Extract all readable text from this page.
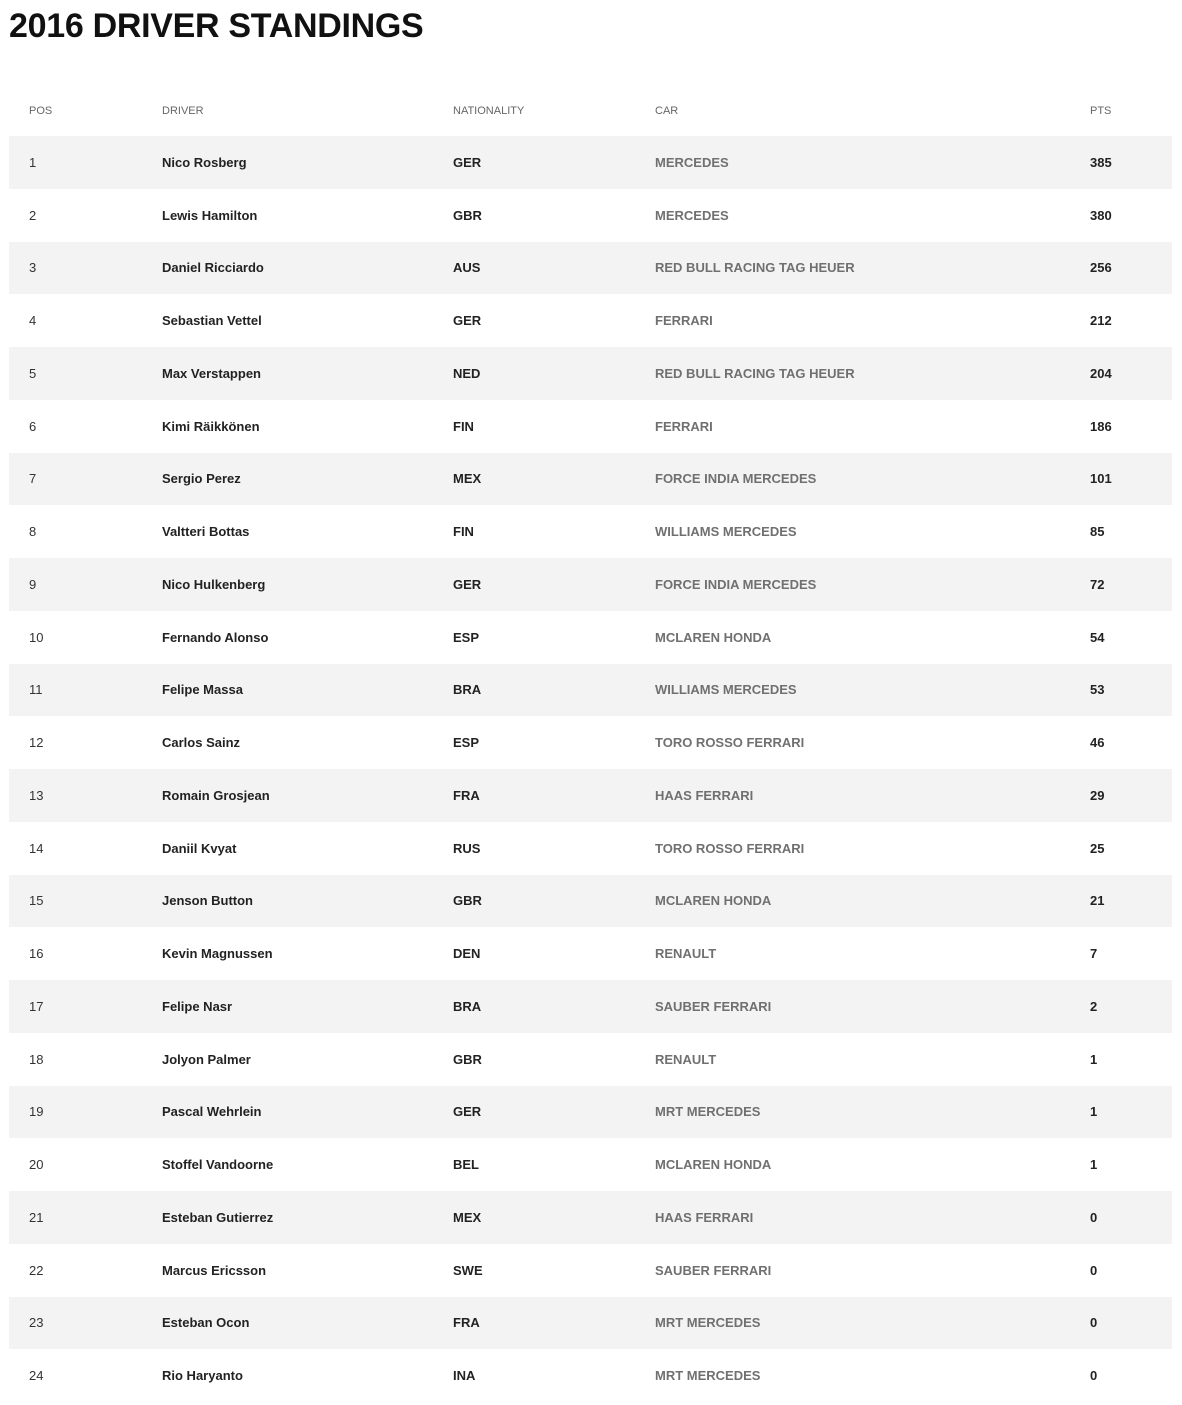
2016 DRIVER STANDINGS
POS	DRIVER	NATIONALITY	CAR	PTS
1	Nico Rosberg	GER	MERCEDES	385
2	Lewis Hamilton	GBR	MERCEDES	380
3	Daniel Ricciardo	AUS	RED BULL RACING TAG HEUER	256
4	Sebastian Vettel	GER	FERRARI	212
5	Max Verstappen	NED	RED BULL RACING TAG HEUER	204
6	Kimi Räikkönen	FIN	FERRARI	186
7	Sergio Perez	MEX	FORCE INDIA MERCEDES	101
8	Valtteri Bottas	FIN	WILLIAMS MERCEDES	85
9	Nico Hulkenberg	GER	FORCE INDIA MERCEDES	72
10	Fernando Alonso	ESP	MCLAREN HONDA	54
11	Felipe Massa	BRA	WILLIAMS MERCEDES	53
12	Carlos Sainz	ESP	TORO ROSSO FERRARI	46
13	Romain Grosjean	FRA	HAAS FERRARI	29
14	Daniil Kvyat	RUS	TORO ROSSO FERRARI	25
15	Jenson Button	GBR	MCLAREN HONDA	21
16	Kevin Magnussen	DEN	RENAULT	7
17	Felipe Nasr	BRA	SAUBER FERRARI	2
18	Jolyon Palmer	GBR	RENAULT	1
19	Pascal Wehrlein	GER	MRT MERCEDES	1
20	Stoffel Vandoorne	BEL	MCLAREN HONDA	1
21	Esteban Gutierrez	MEX	HAAS FERRARI	0
22	Marcus Ericsson	SWE	SAUBER FERRARI	0
23	Esteban Ocon	FRA	MRT MERCEDES	0
24	Rio Haryanto	INA	MRT MERCEDES	0
